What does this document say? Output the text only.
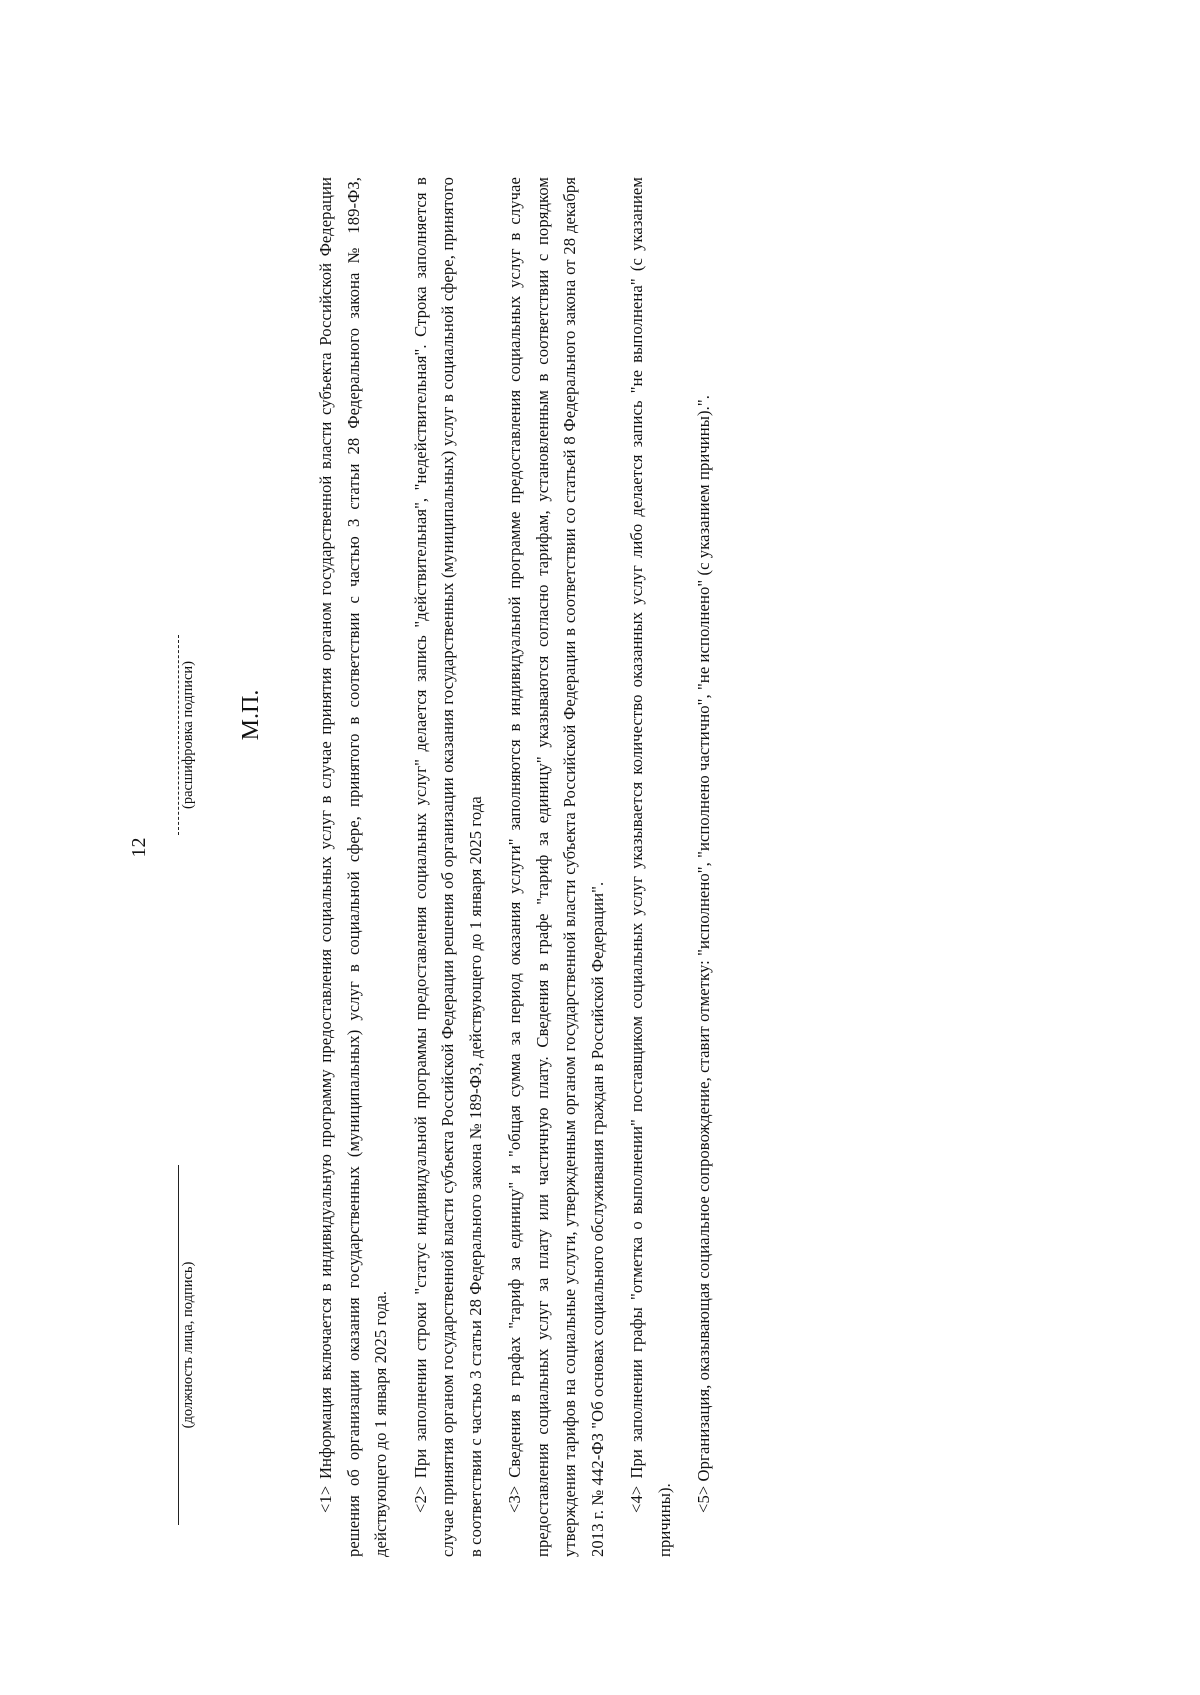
12
(должность лица, подпись)
(расшифровка подписи) М.П.	<1> Информация включается в индивидуальную программу предоставления социальных услуг в случае принятия органом государственной власти субъекта Российской Федерации решения об организации оказания государственных (муниципальных) услуг в социальной сфере, принятого в соответствии с частью 3 статьи 28 Федерального закона № 189-ФЗ, действующего до 1 января 2025 года. <2> При заполнении строки "статус индивидуальной программы предоставления социальных услуг" делается запись "действительная", "недействительная". Строка заполняется в случае принятия органом государственной власти субъекта Российской Федерации решения об организации оказания государственных (муниципальных) услуг в социальной сфере, принятого в соответствии с частью 3 статьи 28 Федерального закона № 189-ФЗ, действующего до 1 января 2025 года <3> Сведения в графах "тариф за единицу" и "общая сумма за период оказания услуги" заполняются в индивидуальной программе предоставления социальных услуг в случае предоставления социальных услуг за плату или частичную плату. Сведения в графе "тариф за единицу" указываются согласно тарифам, установленным в соответствии с порядком утверждения тарифов на социальные услуги, утвержденным органом государственной власти субъекта Российской Федерации в соответствии со статьей 8 Федерального закона от 28 декабря 2013 г. № 442-ФЗ "Об основах социального обслуживания граждан в Российской Федерации". <4> При заполнении графы "отметка о выполнении" поставщиком социальных услуг указывается количество оказанных услуг либо делается запись "не выполнена" (с указанием причины).

<5> Организация, оказывающая социальное сопровождение, ставит отметку: "исполнено", "исполнено частично", "не исполнено" (с указанием причины).".
